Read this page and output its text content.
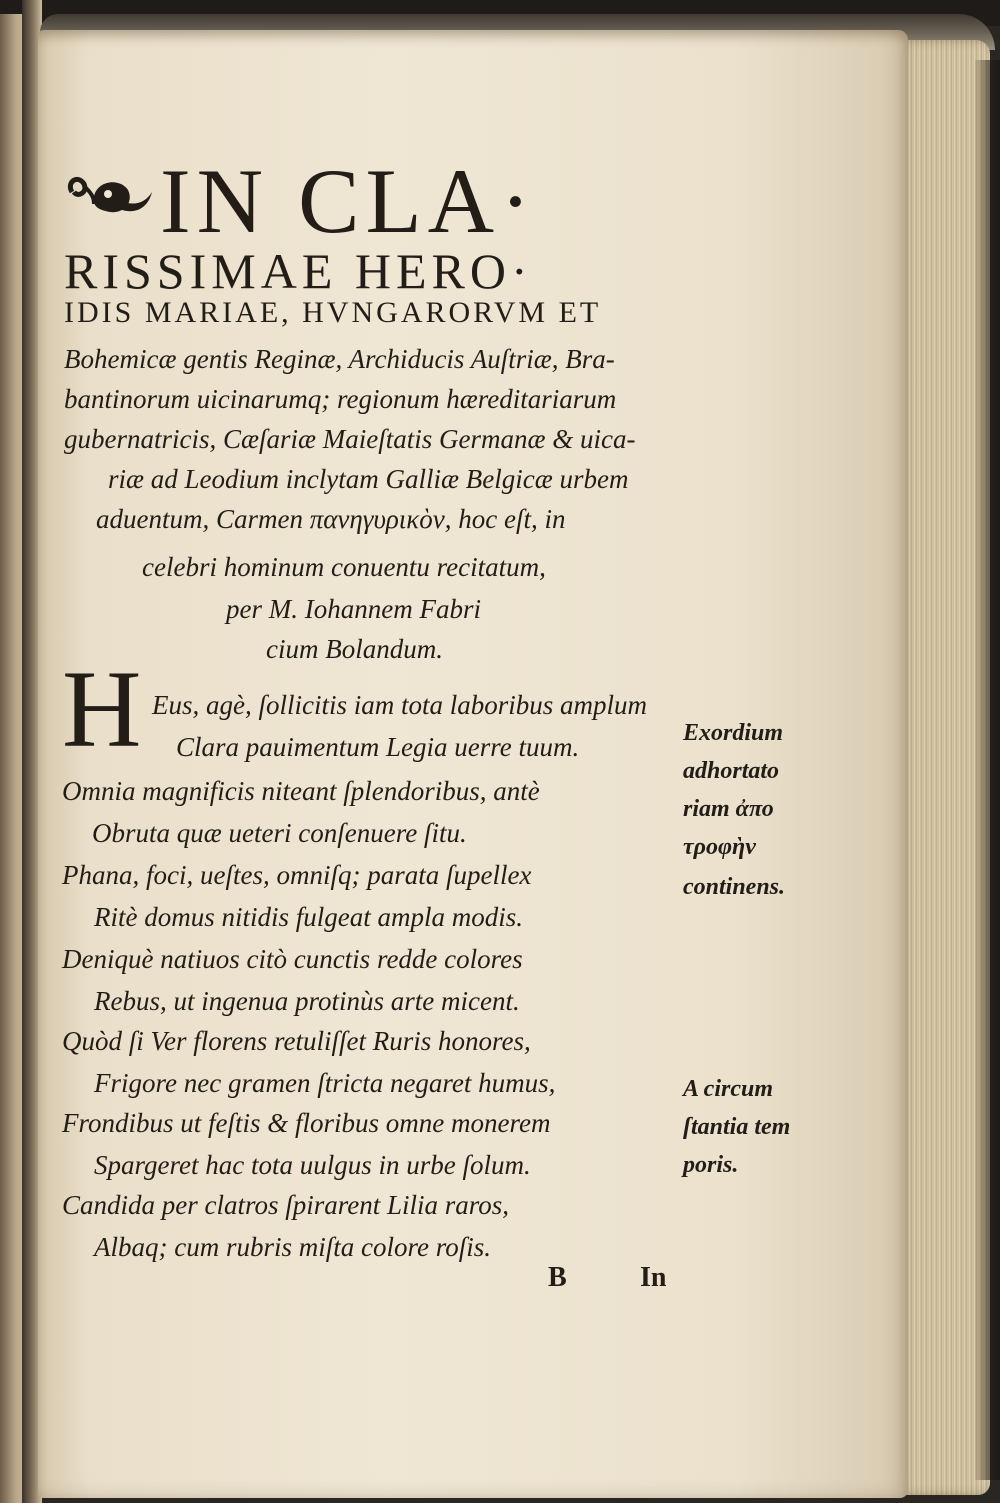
IN CLA·
RISSIMAE HERO·
IDIS MARIAE, HVNGARORVM ET
Bohemicæ gentis Reginæ, Archiducis Auſtriæ, Bra-
bantinorum uicinarumq; regionum hæreditariarum
gubernatricis, Cæſariæ Maieſtatis Germanæ & uica-
riæ ad Leodium inclytam Galliæ Belgicæ urbem
aduentum, Carmen πανηγυρικὸν, hoc eſt, in
celebri hominum conuentu recitatum,
per M. Iohannem Fabri
cium Bolandum.
H Eus, agè, ſollicitis iam tota laboribus amplum
Clara pauimentum Legia uerre tuum.
Omnia magnificis niteant ſplendoribus, antè
Obruta quæ ueteri conſenuere ſitu.
Phana, foci, ueſtes, omniſq; parata ſupellex
Ritè domus nitidis fulgeat ampla modis.
Deniquè natiuos citò cunctis redde colores
Rebus, ut ingenua protinùs arte micent.
Quòd ſi Ver florens retuliſſet Ruris honores,
Frigore nec gramen ſtricta negaret humus,
Frondibus ut feſtis & floribus omne monerem
Spargeret hac tota uulgus in urbe ſolum.
Candida per clatros ſpirarent Lilia raros,
Albaq; cum rubris miſta colore roſis.
Exordium
adhortato
riam ἀπο
τροφὴν
continens.
A circum
ſtantia tem
poris.
B	In
